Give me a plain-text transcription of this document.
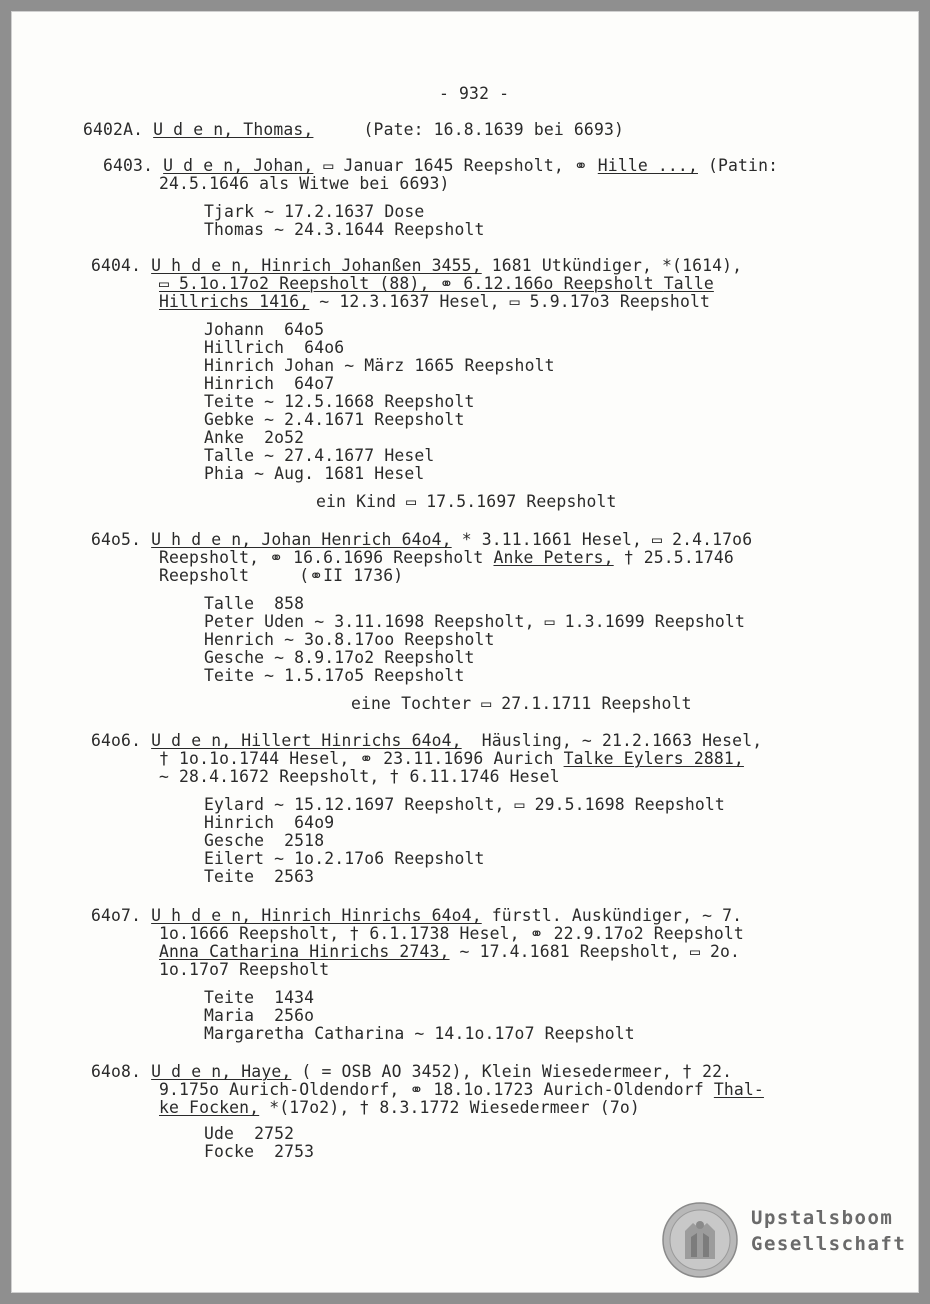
- 932 -
6402A. U d e n, Thomas,     (Pate: 16.8.1639 bei 6693)
6403. U d e n, Johan, ▭ Januar 1645 Reepsholt, ⚭ Hille ..., (Patin:
24.5.1646 als Witwe bei 6693)
Tjark ~ 17.2.1637 Dose
Thomas ~ 24.3.1644 Reepsholt
6404. U h d e n, Hinrich Johanßen 3455, 1681 Utkündiger, *(1614),
▭ 5.1o.17o2 Reepsholt (88), ⚭ 6.12.166o Reepsholt Talle
Hillrichs 1416, ~ 12.3.1637 Hesel, ▭ 5.9.17o3 Reepsholt
Johann  64o5
Hillrich  64o6
Hinrich Johan ~ März 1665 Reepsholt
Hinrich  64o7
Teite ~ 12.5.1668 Reepsholt
Gebke ~ 2.4.1671 Reepsholt
Anke  2o52
Talle ~ 27.4.1677 Hesel
Phia ~ Aug. 1681 Hesel
ein Kind ▭ 17.5.1697 Reepsholt
64o5. U h d e n, Johan Henrich 64o4, * 3.11.1661 Hesel, ▭ 2.4.17o6
Reepsholt, ⚭ 16.6.1696 Reepsholt Anke Peters, † 25.5.1746
Reepsholt     (⚭II 1736)
Talle  858
Peter Uden ~ 3.11.1698 Reepsholt, ▭ 1.3.1699 Reepsholt
Henrich ~ 3o.8.17oo Reepsholt
Gesche ~ 8.9.17o2 Reepsholt
Teite ~ 1.5.17o5 Reepsholt
eine Tochter ▭ 27.1.1711 Reepsholt
64o6. U d e n, Hillert Hinrichs 64o4,  Häusling, ~ 21.2.1663 Hesel,
† 1o.1o.1744 Hesel, ⚭ 23.11.1696 Aurich Talke Eylers 2881,
~ 28.4.1672 Reepsholt, † 6.11.1746 Hesel
Eylard ~ 15.12.1697 Reepsholt, ▭ 29.5.1698 Reepsholt
Hinrich  64o9
Gesche  2518
Eilert ~ 1o.2.17o6 Reepsholt
Teite  2563
64o7. U h d e n, Hinrich Hinrichs 64o4, fürstl. Auskündiger, ~ 7.
1o.1666 Reepsholt, † 6.1.1738 Hesel, ⚭ 22.9.17o2 Reepsholt
Anna Catharina Hinrichs 2743, ~ 17.4.1681 Reepsholt, ▭ 2o.
1o.17o7 Reepsholt
Teite  1434
Maria  256o
Margaretha Catharina ~ 14.1o.17o7 Reepsholt
64o8. U d e n, Haye, ( = OSB AO 3452), Klein Wiesedermeer, † 22.
9.175o Aurich-Oldendorf, ⚭ 18.1o.1723 Aurich-Oldendorf Thal-
ke Focken, *(17o2), † 8.3.1772 Wiesedermeer (7o)
Ude  2752
Focke  2753
Upstalsboom
Gesellschaft
